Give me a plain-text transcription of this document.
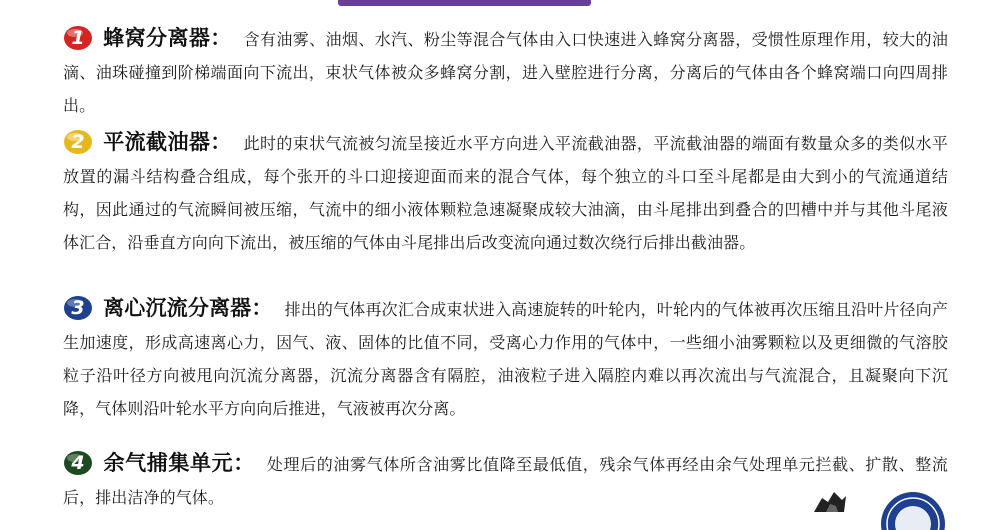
1 蜂窝分离器： 含有油雾、油烟、水汽、粉尘等混合气体由入口快速进入蜂窝分离器，受惯性原理作用，较大的油滴、油珠碰撞到阶梯端面向下流出，束状气体被众多蜂窝分割，进入壁腔进行分离，分离后的气体由各个蜂窝端口向四周排出。

2 平流截油器： 此时的束状气流被匀流呈接近水平方向进入平流截油器，平流截油器的端面有数量众多的类似水平放置的漏斗结构叠合组成，每个张开的斗口迎接迎面而来的混合气体，每个独立的斗口至斗尾都是由大到小的气流通道结构，因此通过的气流瞬间被压缩，气流中的细小液体颗粒急速凝聚成较大油滴，由斗尾排出到叠合的凹槽中并与其他斗尾液体汇合，沿垂直方向向下流出，被压缩的气体由斗尾排出后改变流向通过数次绕行后排出截油器。

3 离心沉流分离器： 排出的气体再次汇合成束状进入高速旋转的叶轮内，叶轮内的气体被再次压缩且沿叶片径向产生加速度，形成高速离心力，因气、液、固体的比值不同，受离心力作用的气体中，一些细小油雾颗粒以及更细微的气溶胶粒子沿叶径方向被甩向沉流分离器，沉流分离器含有隔腔，油液粒子进入隔腔内难以再次流出与气流混合，且凝聚向下沉降，气体则沿叶轮水平方向向后推进，气液被再次分离。

4 余气捕集单元： 处理后的油雾气体所含油雾比值降至最低值，残余气体再经由余气处理单元拦截、扩散、整流后，排出洁净的气体。
